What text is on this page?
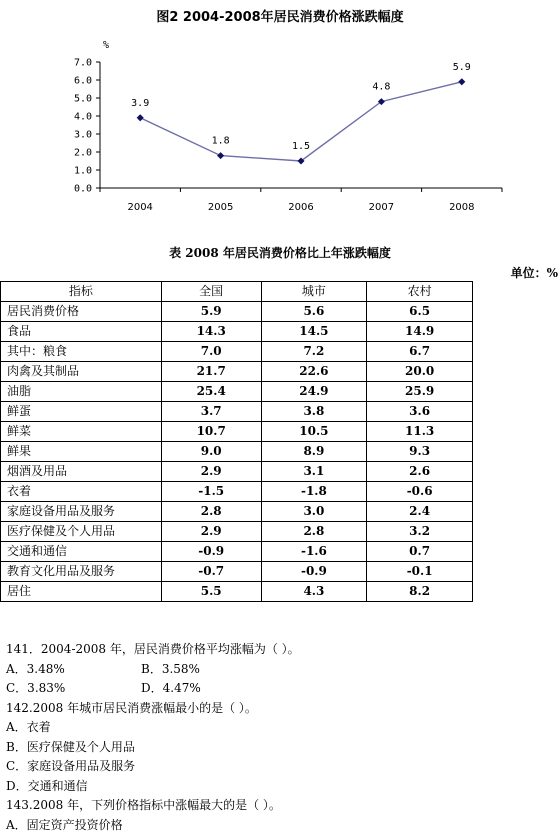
图2 2004-2008年居民消费价格涨跌幅度
%
0.0
1.0
2.0
3.0
4.0
5.0
6.0
7.0
2004	2005	2006	2007	2008
3.9
1.8	1.5
4.8
5.9
表 2008 年居民消费价格比上年涨跌幅度
单位：%
指标	全国	城市	农村
居民消费价格	5.9	5.6	6.5
食品	14.3	14.5	14.9
其中：粮食	7.0	7.2	6.7
肉禽及其制品	21.7	22.6	20.0
油脂	25.4	24.9	25.9
鲜蛋	3.7	3.8	3.6
鲜菜	10.7	10.5	11.3
鲜果	9.0	8.9	9.3
烟酒及用品	2.9	3.1	2.6
衣着	-1.5	-1.8	-0.6
家庭设备用品及服务	2.8	3.0	2.4
医疗保健及个人用品	2.9	2.8	3.2
交通和通信	-0.9	-1.6	0.7
教育文化用品及服务	-0.7	-0.9	-0.1
居住	5.5	4.3	8.2

141．2004-2008 年，居民消费价格平均涨幅为（ ）。

A．3.48%	B．3.58%
C．3.83%	D．4.47%

142.2008 年城市居民消费涨幅最小的是（ ）。

A．衣着

B．医疗保健及个人用品

C．家庭设备用品及服务

D．交通和通信

143.2008 年，下列价格指标中涨幅最大的是（ ）。

A．固定资产投资价格
